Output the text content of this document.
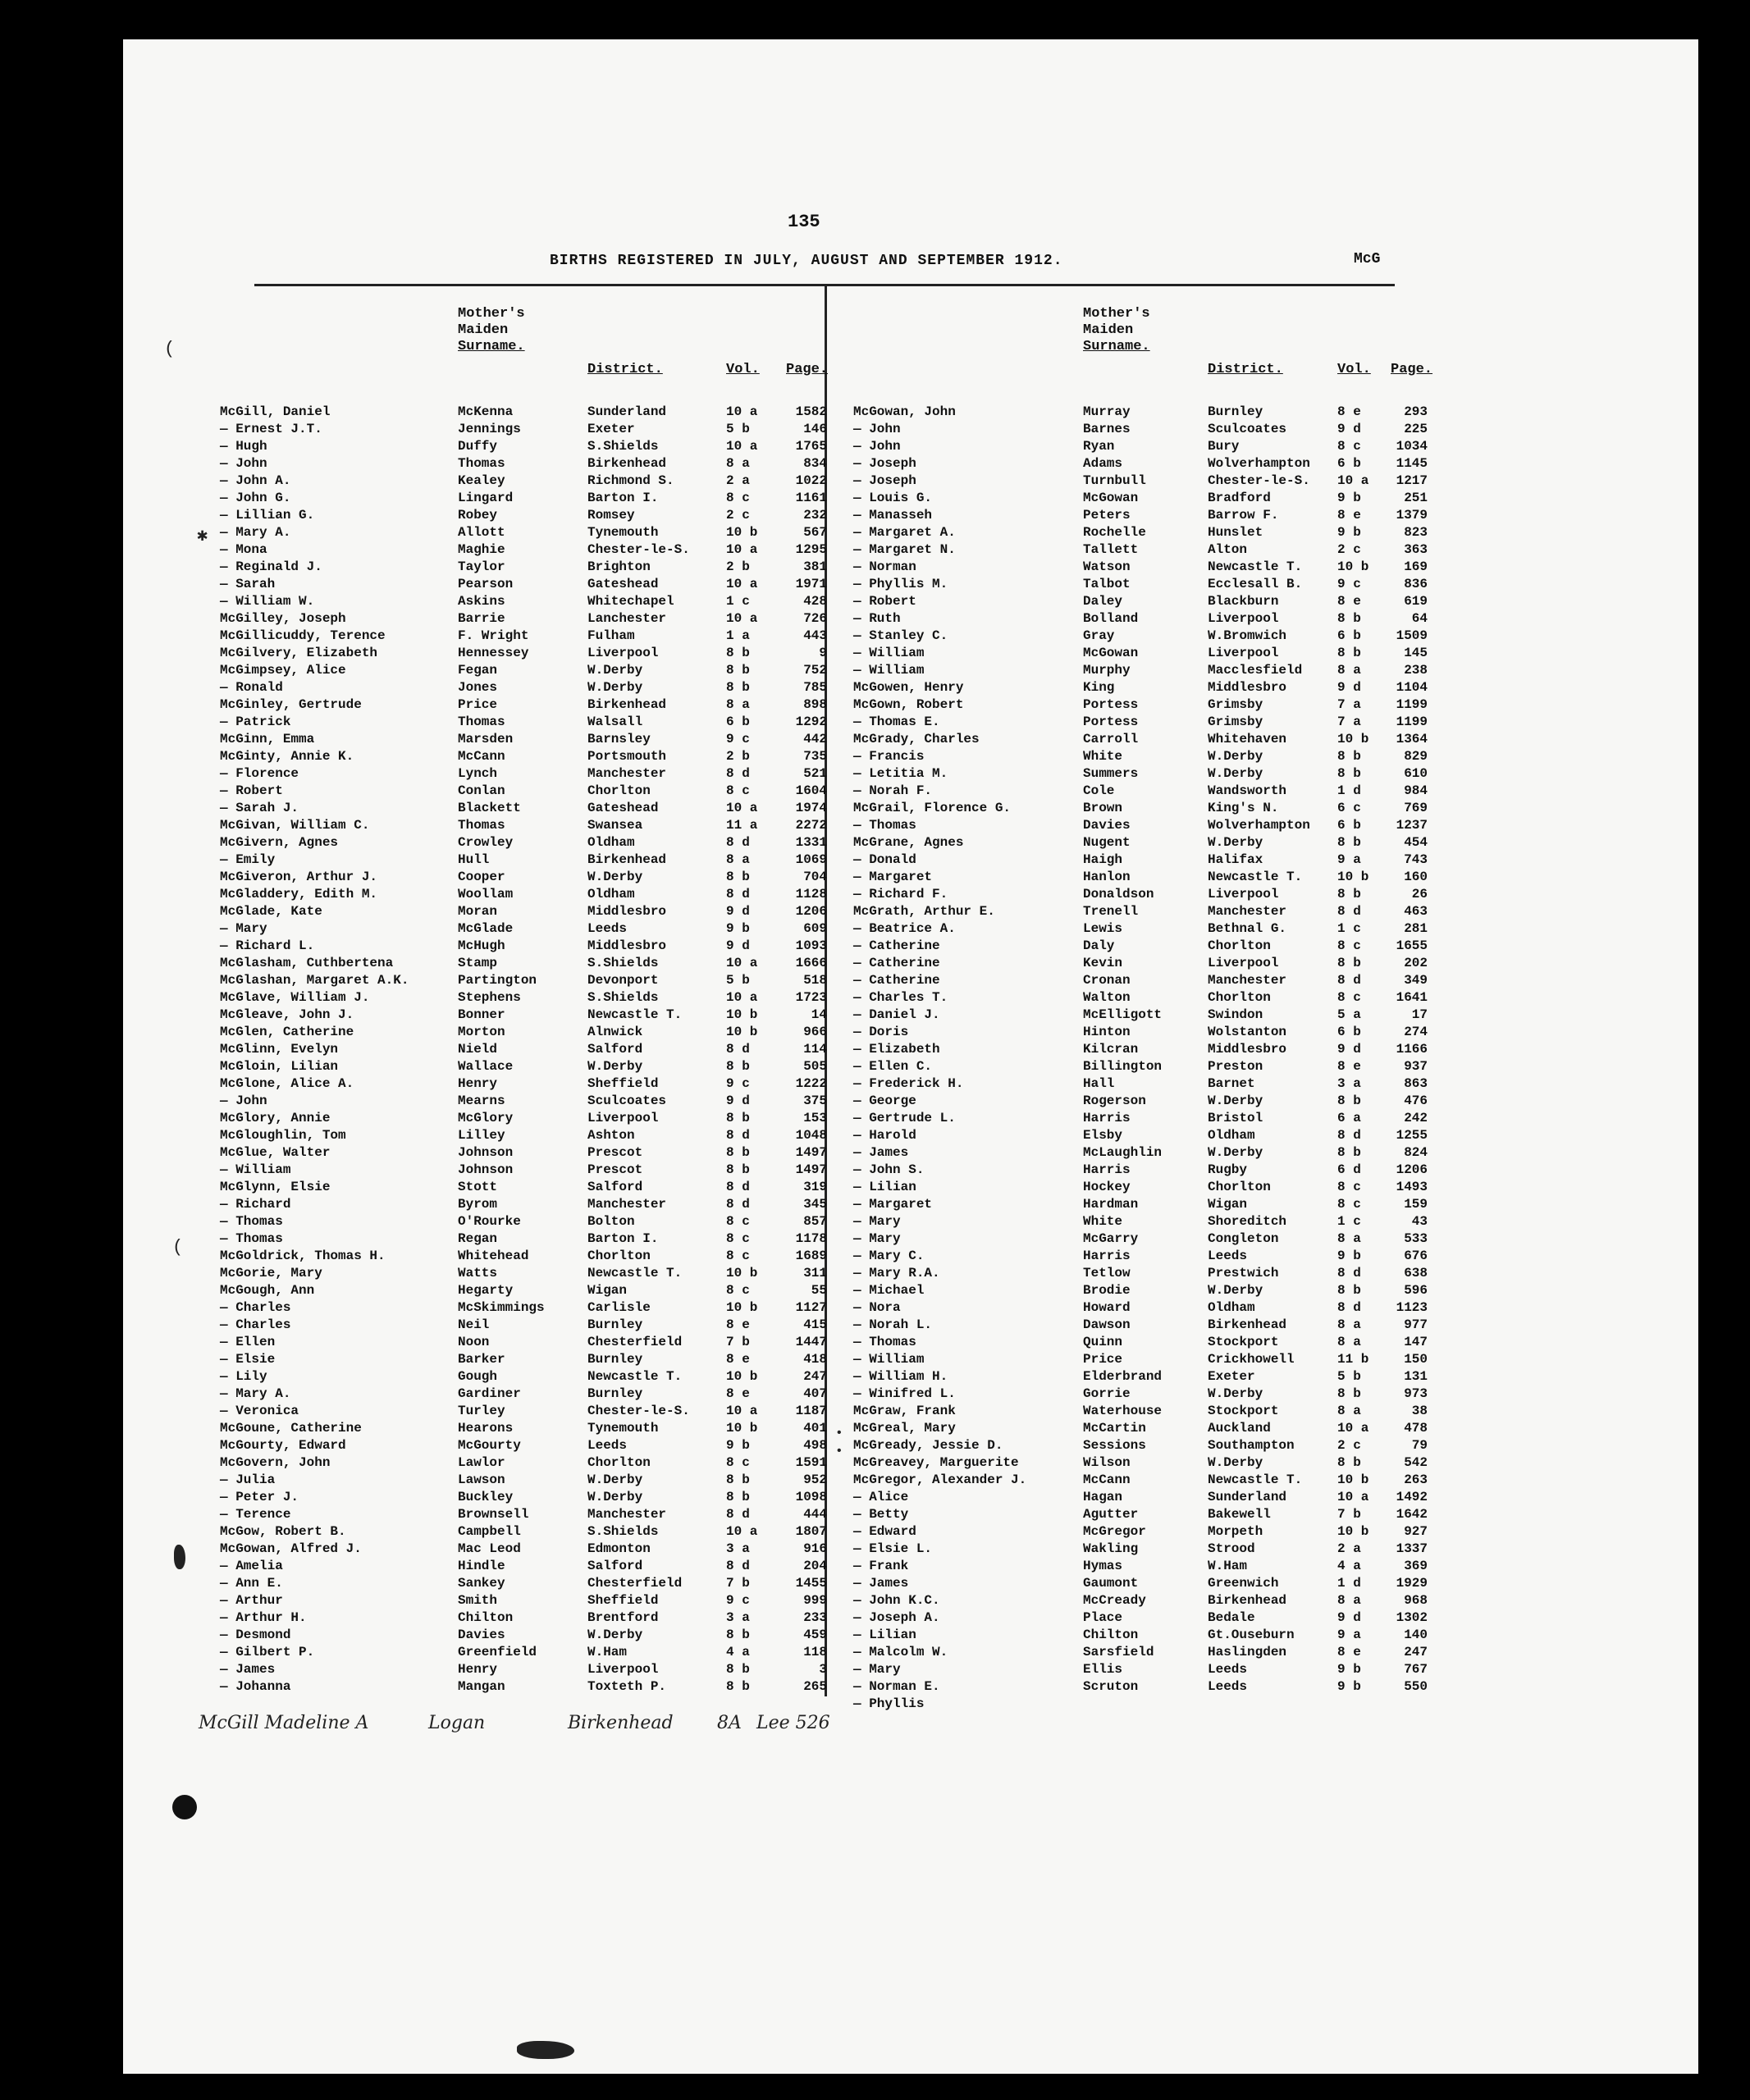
135
BIRTHS REGISTERED IN JULY, AUGUST AND SEPTEMBER 1912.	McG
Mother's
Maiden
Surname.
District.	Vol. Page.
McGill, Daniel	McKenna	Sunderland	10 a	1582
— Ernest J.T.	Jennings	Exeter	5 b	146
— Hugh	Duffy	S.Shields	10 a	1765
— John	Thomas	Birkenhead	8 a	834
— John A.	Kealey	Richmond S.	2 a	1022
— John G.	Lingard	Barton I.	8 c	1161
— Lillian G.	Robey	Romsey	2 c	232
— Mary A.	Allott	Tynemouth	10 b	567
— Mona	Maghie	Chester-le-S.	10 a	1295
— Reginald J.	Taylor	Brighton	2 b	381
— Sarah	Pearson	Gateshead	10 a	1971
— William W.	Askins	Whitechapel	1 c	428
McGilley, Joseph	Barrie	Lanchester	10 a	726
McGillicuddy, Terence	F. Wright	Fulham	1 a	443
McGilvery, Elizabeth	Hennessey	Liverpool	8 b	9
McGimpsey, Alice	Fegan	W.Derby	8 b	752
— Ronald	Jones	W.Derby	8 b	785
McGinley, Gertrude	Price	Birkenhead	8 a	898
— Patrick	Thomas	Walsall	6 b	1292
McGinn, Emma	Marsden	Barnsley	9 c	442
McGinty, Annie K.	McCann	Portsmouth	2 b	735
— Florence	Lynch	Manchester	8 d	521
— Robert	Conlan	Chorlton	8 c	1604
— Sarah J.	Blackett	Gateshead	10 a	1974
McGivan, William C.	Thomas	Swansea	11 a	2272
McGivern, Agnes	Crowley	Oldham	8 d	1331
— Emily	Hull	Birkenhead	8 a	1069
McGiveron, Arthur J.	Cooper	W.Derby	8 b	704
McGladdery, Edith M.	Woollam	Oldham	8 d	1128
McGlade, Kate	Moran	Middlesbro	9 d	1206
— Mary	McGlade	Leeds	9 b	609
— Richard L.	McHugh	Middlesbro	9 d	1093
McGlasham, Cuthbertena	Stamp	S.Shields	10 a	1666
McGlashan, Margaret A.K.	Partington	Devonport	5 b	518
McGlave, William J.	Stephens	S.Shields	10 a	1723
McGleave, John J.	Bonner	Newcastle T.	10 b	14
McGlen, Catherine	Morton	Alnwick	10 b	966
McGlinn, Evelyn	Nield	Salford	8 d	114
McGloin, Lilian	Wallace	W.Derby	8 b	505
McGlone, Alice A.	Henry	Sheffield	9 c	1222
— John	Mearns	Sculcoates	9 d	375
McGlory, Annie	McGlory	Liverpool	8 b	153
McGloughlin, Tom	Lilley	Ashton	8 d	1048
McGlue, Walter	Johnson	Prescot	8 b	1497
— William	Johnson	Prescot	8 b	1497
McGlynn, Elsie	Stott	Salford	8 d	319
— Richard	Byrom	Manchester	8 d	345
— Thomas	O'Rourke	Bolton	8 c	857
— Thomas	Regan	Barton I.	8 c	1178
McGoldrick, Thomas H.	Whitehead	Chorlton	8 c	1689
McGorie, Mary	Watts	Newcastle T.	10 b	311
McGough, Ann	Hegarty	Wigan	8 c	55
— Charles	McSkimmings	Carlisle	10 b	1127
— Charles	Neil	Burnley	8 e	415
— Ellen	Noon	Chesterfield	7 b	1447
— Elsie	Barker	Burnley	8 e	418
— Lily	Gough	Newcastle T.	10 b	247
— Mary A.	Gardiner	Burnley	8 e	407
— Veronica	Turley	Chester-le-S.	10 a	1187
McGoune, Catherine	Hearons	Tynemouth	10 b	401
McGourty, Edward	McGourty	Leeds	9 b	498
McGovern, John	Lawlor	Chorlton	8 c	1591
— Julia	Lawson	W.Derby	8 b	952
— Peter J.	Buckley	W.Derby	8 b	1098
— Terence	Brownsell	Manchester	8 d	444
McGow, Robert B.	Campbell	S.Shields	10 a	1807
McGowan, Alfred J.	Mac Leod	Edmonton	3 a	916
— Amelia	Hindle	Salford	8 d	204
— Ann E.	Sankey	Chesterfield	7 b	1455
— Arthur	Smith	Sheffield	9 c	999
— Arthur H.	Chilton	Brentford	3 a	233
— Desmond	Davies	W.Derby	8 b	459
— Gilbert P.	Greenfield	W.Ham	4 a	118
— James	Henry	Liverpool	8 b	3
— Johanna	Mangan	Toxteth P.	8 b	265
Mother's
Maiden
Surname.
District.	Vol. Page.
McGowan, John	Murray	Burnley	8 e	293
— John	Barnes	Sculcoates	9 d	225
— John	Ryan	Bury	8 c	1034
— Joseph	Adams	Wolverhampton 6 b	1145
— Joseph	Turnbull	Chester-le-S. 10 a 1217
— Louis G.	McGowan	Bradford	9 b	251
— Manasseh	Peters	Barrow F.	8 e	1379
— Margaret A.	Rochelle	Hunslet	9 b	823
— Margaret N.	Tallett	Alton	2 c	363
— Norman	Watson	Newcastle T.	10 b	169
— Phyllis M.	Talbot	Ecclesall B.	9 c	836
— Robert	Daley	Blackburn	8 e	619
— Ruth	Bolland	Liverpool	8 b	64
— Stanley C.	Gray	W.Bromwich	6 b	1509
— William	McGowan	Liverpool	8 b	145
— William	Murphy	Macclesfield	8 a	238
McGowen, Henry	King	Middlesbro	9 d	1104
McGown, Robert	Portess	Grimsby	7 a	1199
— Thomas E.	Portess	Grimsby	7 a	1199
McGrady, Charles	Carroll	Whitehaven	10 b 1364
— Francis	White	W.Derby	8 b	829
— Letitia M.	Summers	W.Derby	8 b	610
— Norah F.	Cole	Wandsworth	1 d	984
McGrail, Florence G.	Brown	King's N.	6 c	769
— Thomas	Davies	Wolverhampton 6 b	1237
McGrane, Agnes	Nugent	W.Derby	8 b	454
— Donald	Haigh	Halifax	9 a	743
— Margaret	Hanlon	Newcastle T.	10 b	160
— Richard F.	Donaldson	Liverpool	8 b	26
McGrath, Arthur E.	Trenell	Manchester	8 d	463
— Beatrice A.	Lewis	Bethnal G.	1 c	281
— Catherine	Daly	Chorlton	8 c	1655
— Catherine	Kevin	Liverpool	8 b	202
— Catherine	Cronan	Manchester	8 d	349
— Charles T.	Walton	Chorlton	8 c	1641
— Daniel J.	McElligott	Swindon	5 a	17
— Doris	Hinton	Wolstanton	6 b	274
— Elizabeth	Kilcran	Middlesbro	9 d	1166
— Ellen C.	Billington	Preston	8 e	937
— Frederick H.	Hall	Barnet	3 a	863
— George	Rogerson	W.Derby	8 b	476
— Gertrude L.	Harris	Bristol	6 a	242
— Harold	Elsby	Oldham	8 d	1255
— James	McLaughlin	W.Derby	8 b	824
— John S.	Harris	Rugby	6 d	1206
— Lilian	Hockey	Chorlton	8 c	1493
— Margaret	Hardman	Wigan	8 c	159
— Mary	White	Shoreditch	1 c	43
— Mary	McGarry	Congleton	8 a	533
— Mary C.	Harris	Leeds	9 b	676
— Mary R.A.	Tetlow	Prestwich	8 d	638
— Michael	Brodie	W.Derby	8 b	596
— Nora	Howard	Oldham	8 d	1123
— Norah L.	Dawson	Birkenhead	8 a	977
— Thomas	Quinn	Stockport	8 a	147
— William	Price	Crickhowell	11 b	150
— William H.	Elderbrand	Exeter	5 b	131
— Winifred L.	Gorrie	W.Derby	8 b	973
McGraw, Frank	Waterhouse	Stockport	8 a	38
McGreal, Mary	McCartin	Auckland	10 a	478
McGready, Jessie D.	Sessions	Southampton	2 c	79
McGreavey, Marguerite	Wilson	W.Derby	8 b	542
McGregor, Alexander J.	McCann	Newcastle T.	10 b	263
— Alice	Hagan	Sunderland	10 a 1492
— Betty	Agutter	Bakewell	7 b	1642
— Edward	McGregor	Morpeth	10 b	927
— Elsie L.	Wakling	Strood	2 a	1337
— Frank	Hymas	W.Ham	4 a	369
— James	Gaumont	Greenwich	1 d	1929
— John K.C.	McCready	Birkenhead	8 a	968
— Joseph A.	Place	Bedale	9 d	1302
— Lilian	Chilton	Gt.Ouseburn	9 a	140
— Malcolm W.	Sarsfield	Haslingden	8 e	247
— Mary	Ellis	Leeds	9 b	767
— Norman E.	Scruton	Leeds	9 b	550
— Phyllis
McGill Madeline A	Logan	Birkenhead 8A Lee 526
✱
(
(
•
•
